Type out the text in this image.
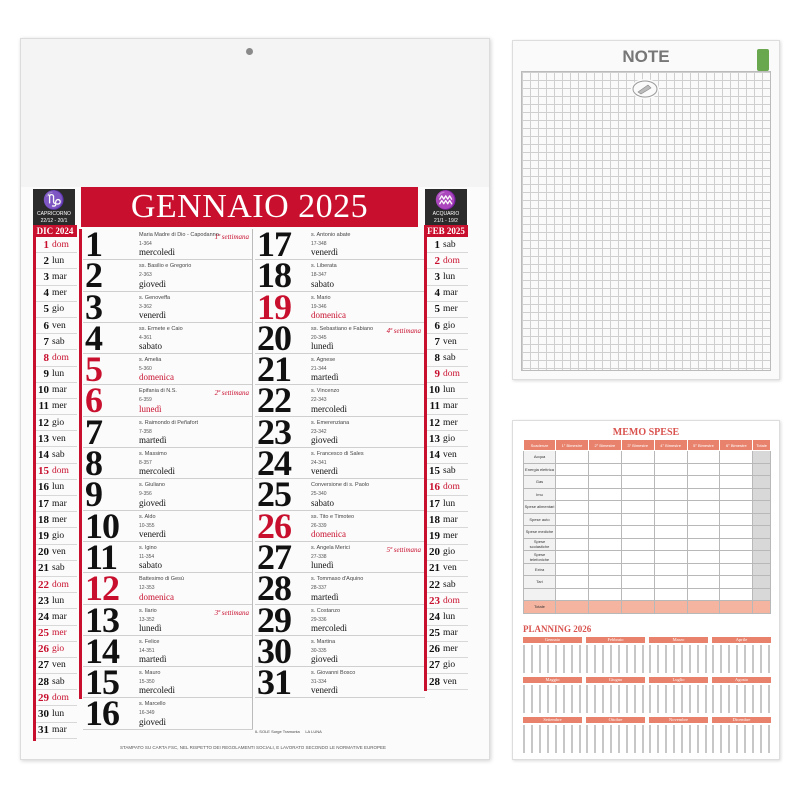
♑
CAPRICORNO
22/12 - 20/1	GENNAIO 2025	♒
ACQUARIO
21/1 - 19/2
DIC 2024
1 dom
2 lun
3 mar
4 mer
5 gio
6 ven
7 sab
8 dom
9 lun
10 mar
11 mer
12 gio
13 ven
14 sab
15 dom
16 lun
17 mar
18 mer
19 gio
20 ven
21 sab
22 dom
23 lun
24 mar
25 mer
26 gio
27 ven
28 sab
29 dom
30 lun
31 mar
1	Maria Madre di Dio - Capodanno
1-364
mercoledì
1ª settimana
2	ss. Basilio e Gregorio
2-363
giovedì
3	s. Genoveffa
3-362
venerdì
4	ss. Ermete e Caio
4-361
sabato
5	s. Amelia
5-360
domenica
6	Epifania di N.S.
6-359
lunedì
2ª settimana
7	s. Raimondo di Peñafort
7-358
martedì
8	s. Massimo
8-357
mercoledì
9	s. Giuliano
9-356
giovedì
10	s. Aldo
10-355
venerdì
11	s. Igino
11-354
sabato
12	Battesimo di Gesù
12-353
domenica
13	s. Ilario
13-352
lunedì
3ª settimana
14	s. Felice
14-351
martedì
15	s. Mauro
15-350
mercoledì
16	s. Marcello
16-349
giovedì
17	s. Antonio abate
17-348
venerdì
18	s. Liberata
18-347
sabato
19	s. Mario
19-346
domenica
20	ss. Sebastiano e Fabiano
20-345
lunedì
4ª settimana
21	s. Agnese
21-344
martedì
22	s. Vincenzo
22-343
mercoledì
23	s. Emerenziana
23-342
giovedì
24	s. Francesco di Sales
24-341
venerdì
25	Conversione di s. Paolo
25-340
sabato
26	ss. Tito e Timoteo
26-339
domenica
27	s. Angela Merici
27-338
lunedì
5ª settimana
28	s. Tommaso d'Aquino
28-337
martedì
29	s. Costanzo
29-336
mercoledì
30	s. Martina
30-335
giovedì
31	s. Giovanni Bosco
31-334
venerdì
FEB 2025
1 sab
2 dom
3 lun
4 mar
5 mer
6 gio
7 ven
8 sab
9 dom
10 lun
11 mar
12 mer
13 gio
14 ven
15 sab
16 dom
17 lun
18 mar
19 mer
20 gio
21 ven
22 sab
23 dom
24 lun
25 mar
26 mer
27 gio
28 ven
IL SOLE Sorge Tramonta LA LUNA
STAMPATO SU CARTA FSC, NEL RISPETTO DEI REGOLAMENTI SOCIALI, E LAVORATO SECONDO LE NORMATIVE EUROPEE
NOTE
MEMO SPESE
Scadenze	1° Bimestre	2° Bimestre	3° Bimestre	4° Bimestre	5° Bimestre	6° Bimestre	Totale
Acqua							
Energia elettrica							
Gas							
Imu							
Spese alimentari							
Spese auto							
Spese mediche							
Spese scolastiche							
Spese telefoniche							
Extra							
Tari							

Totale							
PLANNING 2026
Gennaio	Febbraio	Marzo	Aprile
Maggio	Giugno	Luglio	Agosto
Settembre	Ottobre	Novembre	Dicembre
